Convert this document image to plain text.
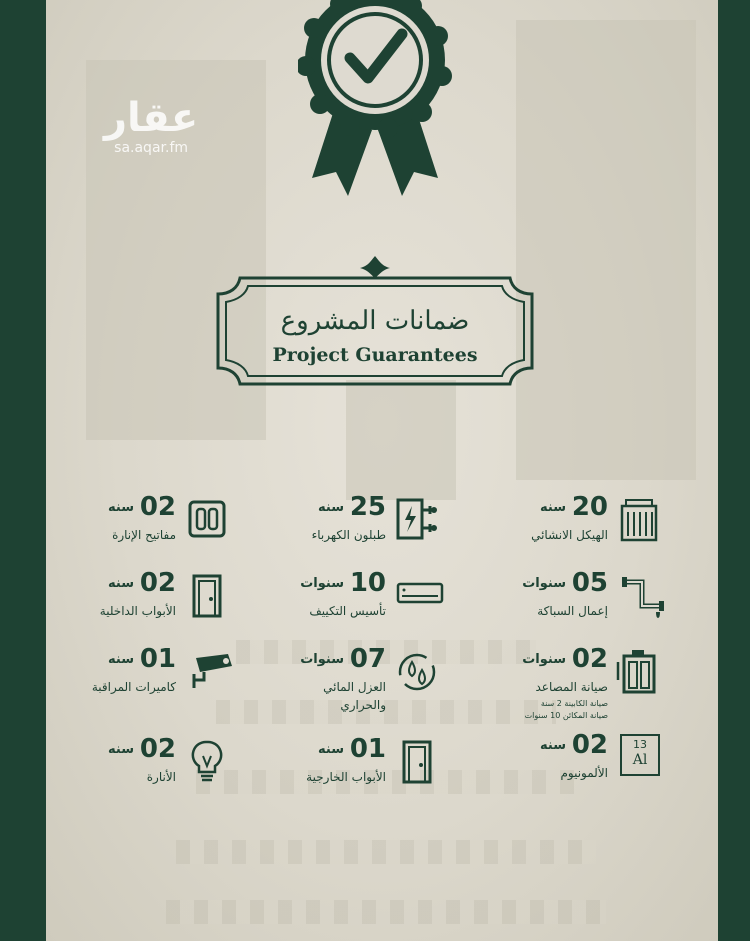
عقار
sa.aqar.fm
ضمانات المشروع
Project Guarantees
02
سنه
مفاتيح الإنارة
25
سنه
طبلون الكهرباء
20
سنه
الهيكل الانشائي
02
سنه
الأبواب الداخلية
10
سنوات
تأسيس التكييف
05
سنوات
إعمال السباكة
01
سنه
كاميرات المراقبة
07
سنوات
العزل المائي والحراري
02
سنوات
صيانة المصاعد
صيانة الكابينة 2 سنة
صيانة المكائن 10 سنوات
02
سنه
الأنارة
01
سنه
الأبواب الخارجية
13
Al
02
سنه
الألمونيوم
